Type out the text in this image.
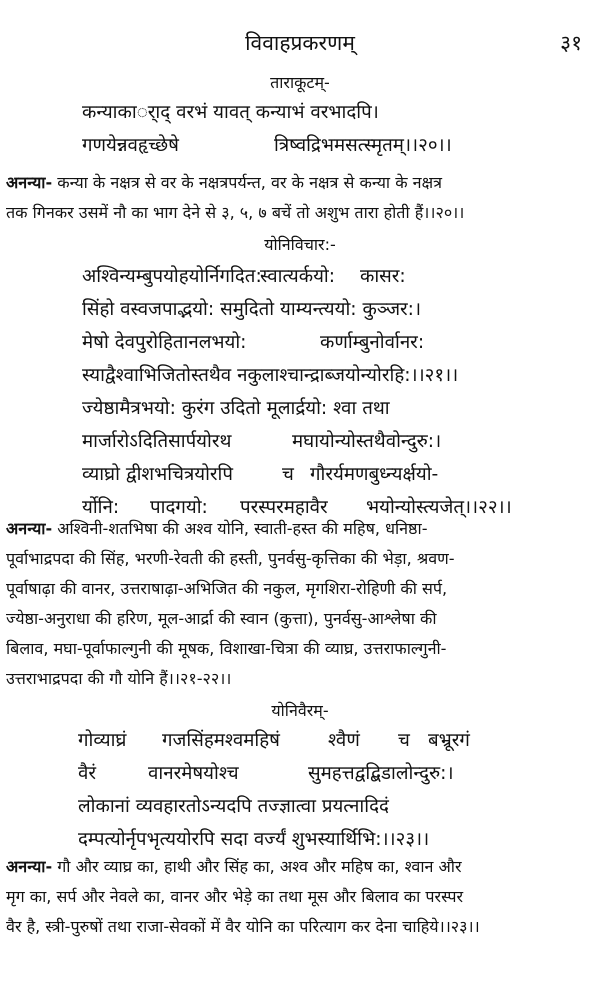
विवाहप्रकरणम्	३१
ताराकूटम्-
कन्याकार्ाद् वरभं यावत् कन्याभं वरभादपि।
गणयेन्नवहृच्छेषे	त्रिष्वद्रिभमसत्स्मृतम्।।२०।।
अनन्या- कन्या के नक्षत्र से वर के नक्षत्रपर्यन्त, वर के नक्षत्र से कन्या के नक्षत्र
तक गिनकर उसमें नौ का भाग देने से ३, ५, ७ बचें तो अशुभ तारा होती हैं।।२०।।
योनिविचार:-
अश्विन्यम्बुपयोहयोर्निगदित:स्वात्यर्कयो: कासर:
सिंहो वस्वजपाद्भयो: समुदितो याम्यन्त्ययो: कुञ्जर:।
मेषो देवपुरोहितानलभयो:	कर्णाम्बुनोर्वानर:
स्याद्वैश्वाभिजितोस्तथैव नकुलाश्चान्द्राब्जयोन्योरहि:।।२१।।
ज्येष्ठामैत्रभयो: कुरंग उदितो मूलार्द्रयो: श्वा तथा
मार्जारोऽदितिसार्पयोरथ	मघायोन्योस्तथैवोन्दुरु:।
व्याघ्रो द्वीशभचित्रयोरपि	च गौरर्यमणबुध्न्यर्क्षयो-
र्योनि: पादगयो: परस्परमहावैर भयोन्योस्त्यजेत्।।२२।।
अनन्या- अश्विनी-शतभिषा की अश्व योनि, स्वाती-हस्त की महिष, धनिष्ठा-
पूर्वाभाद्रपदा की सिंह, भरणी-रेवती की हस्ती, पुनर्वसु-कृत्तिका की भेड़ा, श्रवण-
पूर्वाषाढ़ा की वानर, उत्तराषाढ़ा-अभिजित की नकुल, मृगशिरा-रोहिणी की सर्प,
ज्येष्ठा-अनुराधा की हरिण, मूल-आर्द्रा की स्वान (कुत्ता), पुनर्वसु-आश्लेषा की
बिलाव, मघा-पूर्वाफाल्गुनी की मूषक, विशाखा-चित्रा की व्याघ्र, उत्तराफाल्गुनी-
उत्तराभाद्रपदा की गौ योनि हैं।।२१-२२।।
योनिवैरम्-
गोव्याघ्रं गजसिंहमश्वमहिषं	श्वैणं च बभ्रूरगं
वैरं	वानरमेषयोश्च	सुमहत्तद्वद्बिडालोन्दुरु:।
लोकानां व्यवहारतोऽन्यदपि तज्ज्ञात्वा प्रयत्नादिदं
दम्पत्योर्नृपभृत्ययोरपि सदा वर्ज्यं शुभस्यार्थिभि:।।२३।।
अनन्या- गौ और व्याघ्र का, हाथी और सिंह का, अश्व और महिष का, श्वान और
मृग का, सर्प और नेवले का, वानर और भेड़े का तथा मूस और बिलाव का परस्पर
वैर है, स्त्री-पुरुषों तथा राजा-सेवकों में वैर योनि का परित्याग कर देना चाहिये।।२३।।
